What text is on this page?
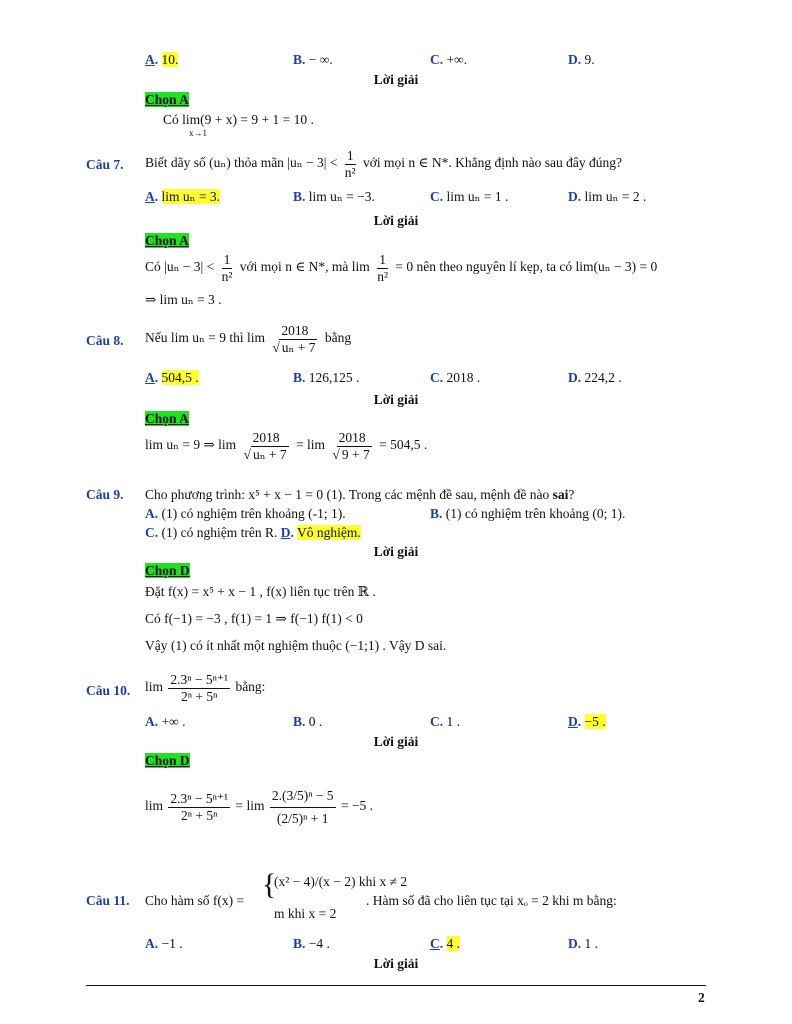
A. 10.	B. − ∞.	C. +∞.	D. 9.
Lời giải
Chọn A
Có lim(9 + x) = 9 + 1 = 10 .
x→1
Câu 7. Biết dãy số (uₙ) thỏa mãn $|u_n - 3| < \frac{1}{\text{n²}}$ với mọi n ∈ N*. Khẳng định nào sau đây đúng?
A. lim uₙ = 3.	B. lim uₙ = −3.	C. lim uₙ = 1 .	D. lim uₙ = 2 .
Lời giải
Chọn A
Có $|u_n - 3| < \frac{1}{\text{n²}}$ với mọi n ∈ N*, mà $\lim \frac{1}{\text{n²}} = 0$ nên theo nguyên lí kẹp, ta có lim(uₙ − 3) = 0
⇒ lim uₙ = 3 .
Câu 8. Nếu lim uₙ = 9 thì $\lim \frac{2018}{\text{√ uₙ + 7}}$ bằng
A. 504,5 .	B. 126,125 .	C. 2018 .	D. 224,2 .
Lời giải
Chọn A
lim uₙ = 9 ⇒ $\lim \frac{2018}{\text{√ uₙ + 7}} = \lim \frac{2018}{√ 9 + 7} = 504,5$ .
Câu 9. Cho phương trình: x⁵ + x − 1 = 0 (1). Trong các mệnh đề sau, mệnh đề nào sai?
A. (1) có nghiệm trên khoảng (-1; 1).	B. (1) có nghiệm trên khoảng (0; 1).
C. (1) có nghiệm trên R. D. Vô nghiệm.
Lời giải
Chọn D
Đặt f(x) = x⁵ + x − 1 , f(x) liên tục trên ℝ .
Có f(−1) = −3 , f(1) = 1 ⇒ f(−1) f(1) < 0
Vậy (1) có ít nhất một nghiệm thuộc (−1;1) . Vậy D sai.
Câu 10. $\lim \frac{\text{2.3ⁿ − 5ⁿ⁺¹}}{\text{2ⁿ + 5ⁿ}}$ bằng:
A. +∞ .	B. 0 .	C. 1 .	D. −5 .
Lời giải
Chọn D
$\lim \frac{\text{2.3ⁿ − 5ⁿ⁺¹}}{\text{2ⁿ + 5ⁿ}} = \lim \frac{\text{2.(3/5)ⁿ − 5}}{\text{(2/5)ⁿ + 1}} = -5$ .
Câu 11. Cho hàm số f(x) = {
(x² − 4)/(x − 2) khi x ≠ 2
m khi x = 2
. Hàm số đã cho liên tục tại xₒ = 2 khi m bằng:
A. −1 .	B. −4 .	C. 4 .	D. 1 .
Lời giải
2
